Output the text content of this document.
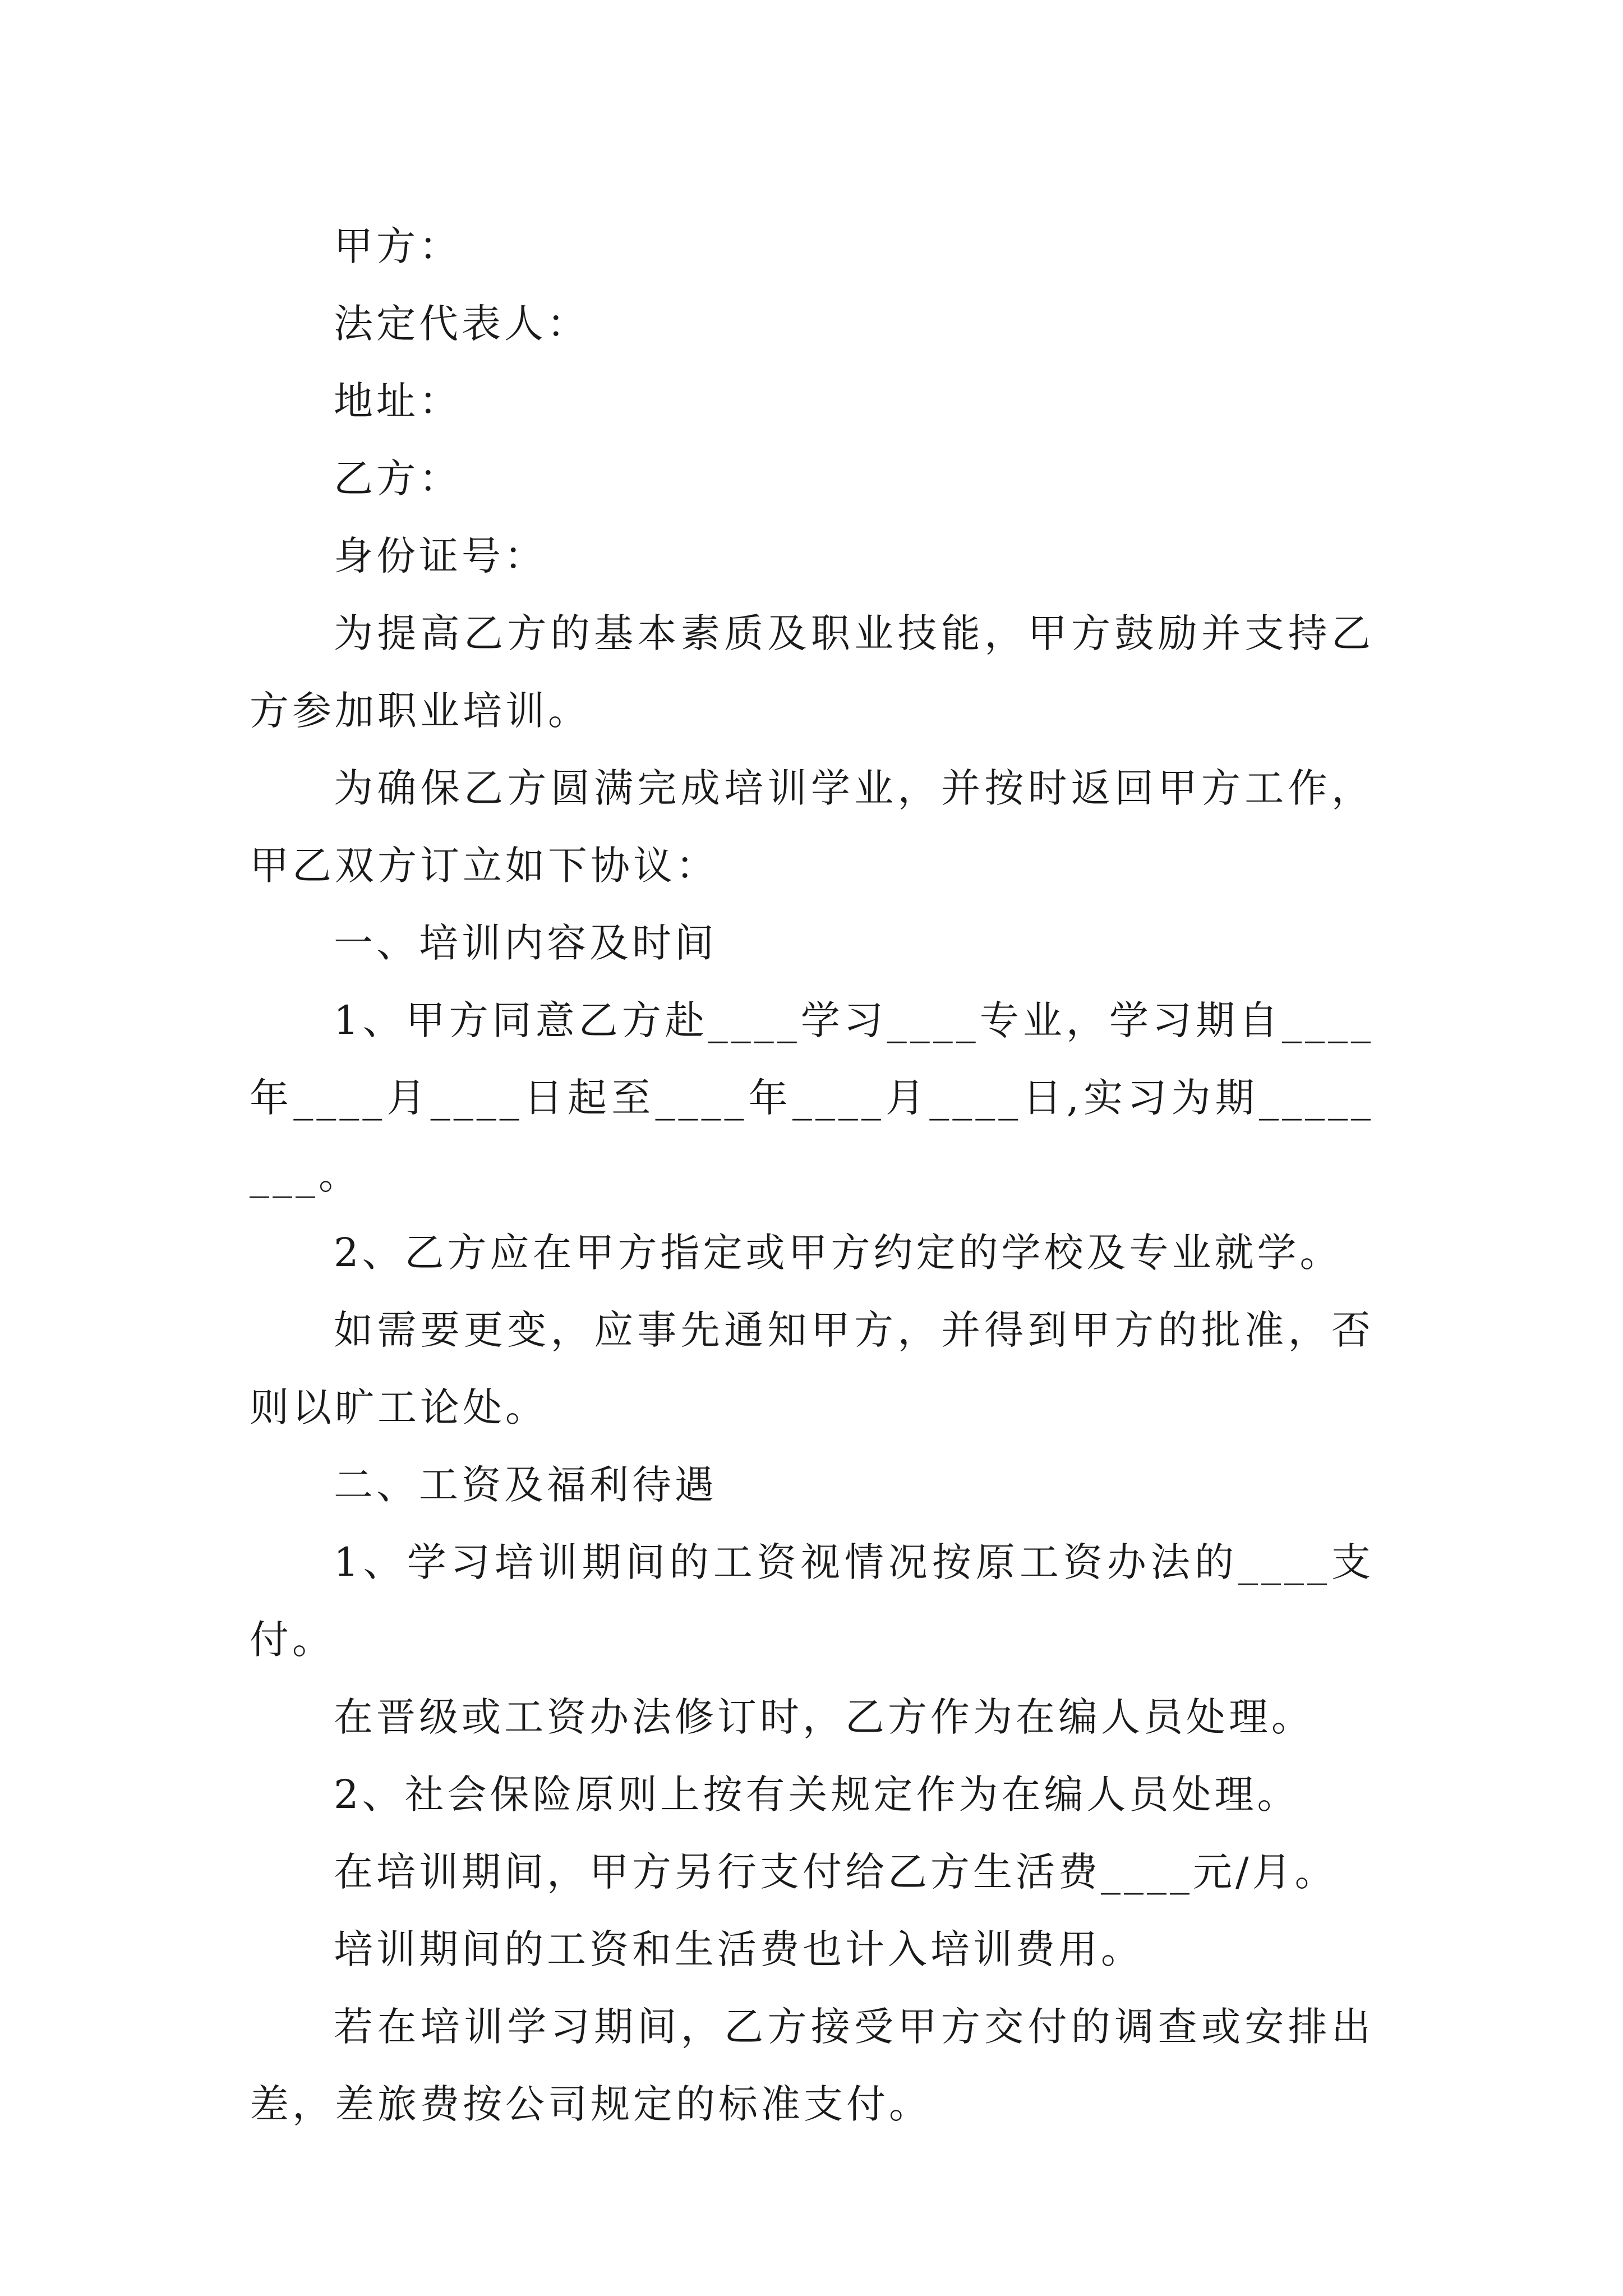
甲方：

法定代表人：

地址：

乙方：

身份证号：

为提高乙方的基本素质及职业技能，甲方鼓励并支持乙方参加职业培训。

为确保乙方圆满完成培训学业，并按时返回甲方工作，甲乙双方订立如下协议：

一、培训内容及时间

1、甲方同意乙方赴____学习____专业，学习期自____年____月____日起至____年____月____日,实习为期________。

2、乙方应在甲方指定或甲方约定的学校及专业就学。

如需要更变，应事先通知甲方，并得到甲方的批准，否则以旷工论处。

二、工资及福利待遇

1、学习培训期间的工资视情况按原工资办法的____支付。

在晋级或工资办法修订时，乙方作为在编人员处理。

2、社会保险原则上按有关规定作为在编人员处理。

在培训期间，甲方另行支付给乙方生活费____元/月。

培训期间的工资和生活费也计入培训费用。

若在培训学习期间，乙方接受甲方交付的调查或安排出差，差旅费按公司规定的标准支付。
